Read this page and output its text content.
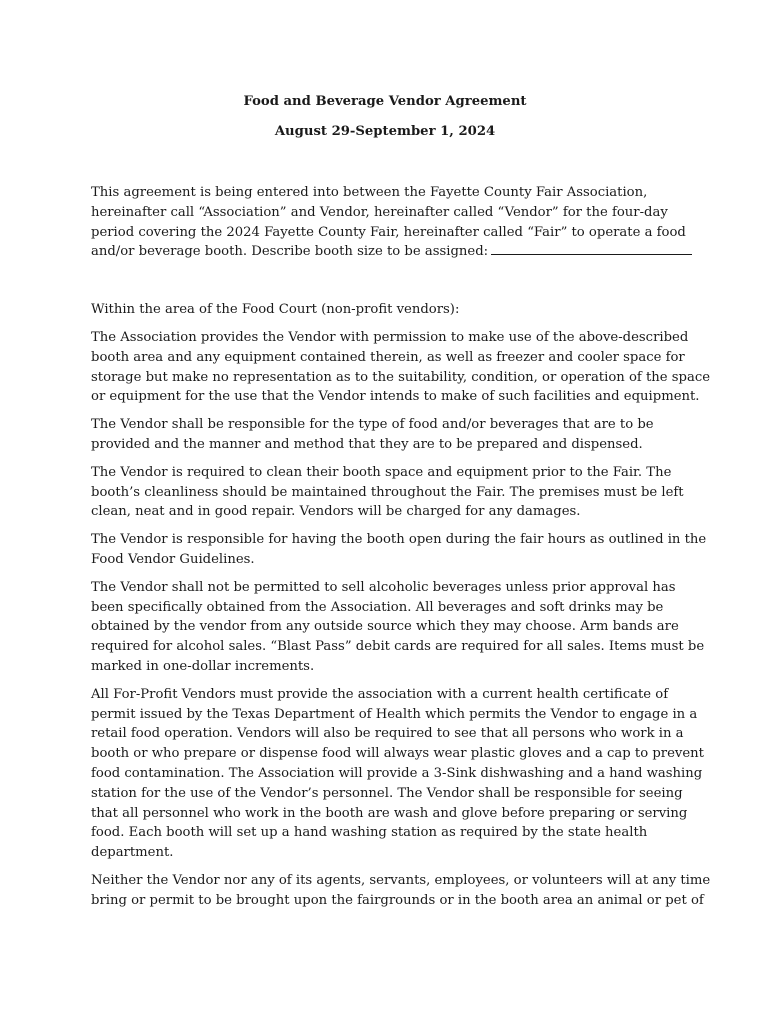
Food and Beverage Vendor Agreement

August 29-September 1, 2024

This agreement is being entered into between the Fayette County Fair Association,
hereinafter call “Association” and Vendor, hereinafter called “Vendor” for the four-day
period covering the 2024 Fayette County Fair, hereinafter called “Fair” to operate a food
and/or beverage booth. Describe booth size to be assigned:

Within the area of the Food Court (non-profit vendors):

The Association provides the Vendor with permission to make use of the above-described
booth area and any equipment contained therein, as well as freezer and cooler space for
storage but make no representation as to the suitability, condition, or operation of the space
or equipment for the use that the Vendor intends to make of such facilities and equipment.

The Vendor shall be responsible for the type of food and/or beverages that are to be
provided and the manner and method that they are to be prepared and dispensed.

The Vendor is required to clean their booth space and equipment prior to the Fair. The
booth’s cleanliness should be maintained throughout the Fair. The premises must be left
clean, neat and in good repair. Vendors will be charged for any damages.

The Vendor is responsible for having the booth open during the fair hours as outlined in the
Food Vendor Guidelines.

The Vendor shall not be permitted to sell alcoholic beverages unless prior approval has
been specifically obtained from the Association. All beverages and soft drinks may be
obtained by the vendor from any outside source which they may choose. Arm bands are
required for alcohol sales. “Blast Pass” debit cards are required for all sales. Items must be
marked in one-dollar increments.

All For-Profit Vendors must provide the association with a current health certificate of
permit issued by the Texas Department of Health which permits the Vendor to engage in a
retail food operation. Vendors will also be required to see that all persons who work in a
booth or who prepare or dispense food will always wear plastic gloves and a cap to prevent
food contamination. The Association will provide a 3-Sink dishwashing and a hand washing
station for the use of the Vendor’s personnel. The Vendor shall be responsible for seeing
that all personnel who work in the booth are wash and glove before preparing or serving
food. Each booth will set up a hand washing station as required by the state health
department.

Neither the Vendor nor any of its agents, servants, employees, or volunteers will at any time
bring or permit to be brought upon the fairgrounds or in the booth area an animal or pet of
